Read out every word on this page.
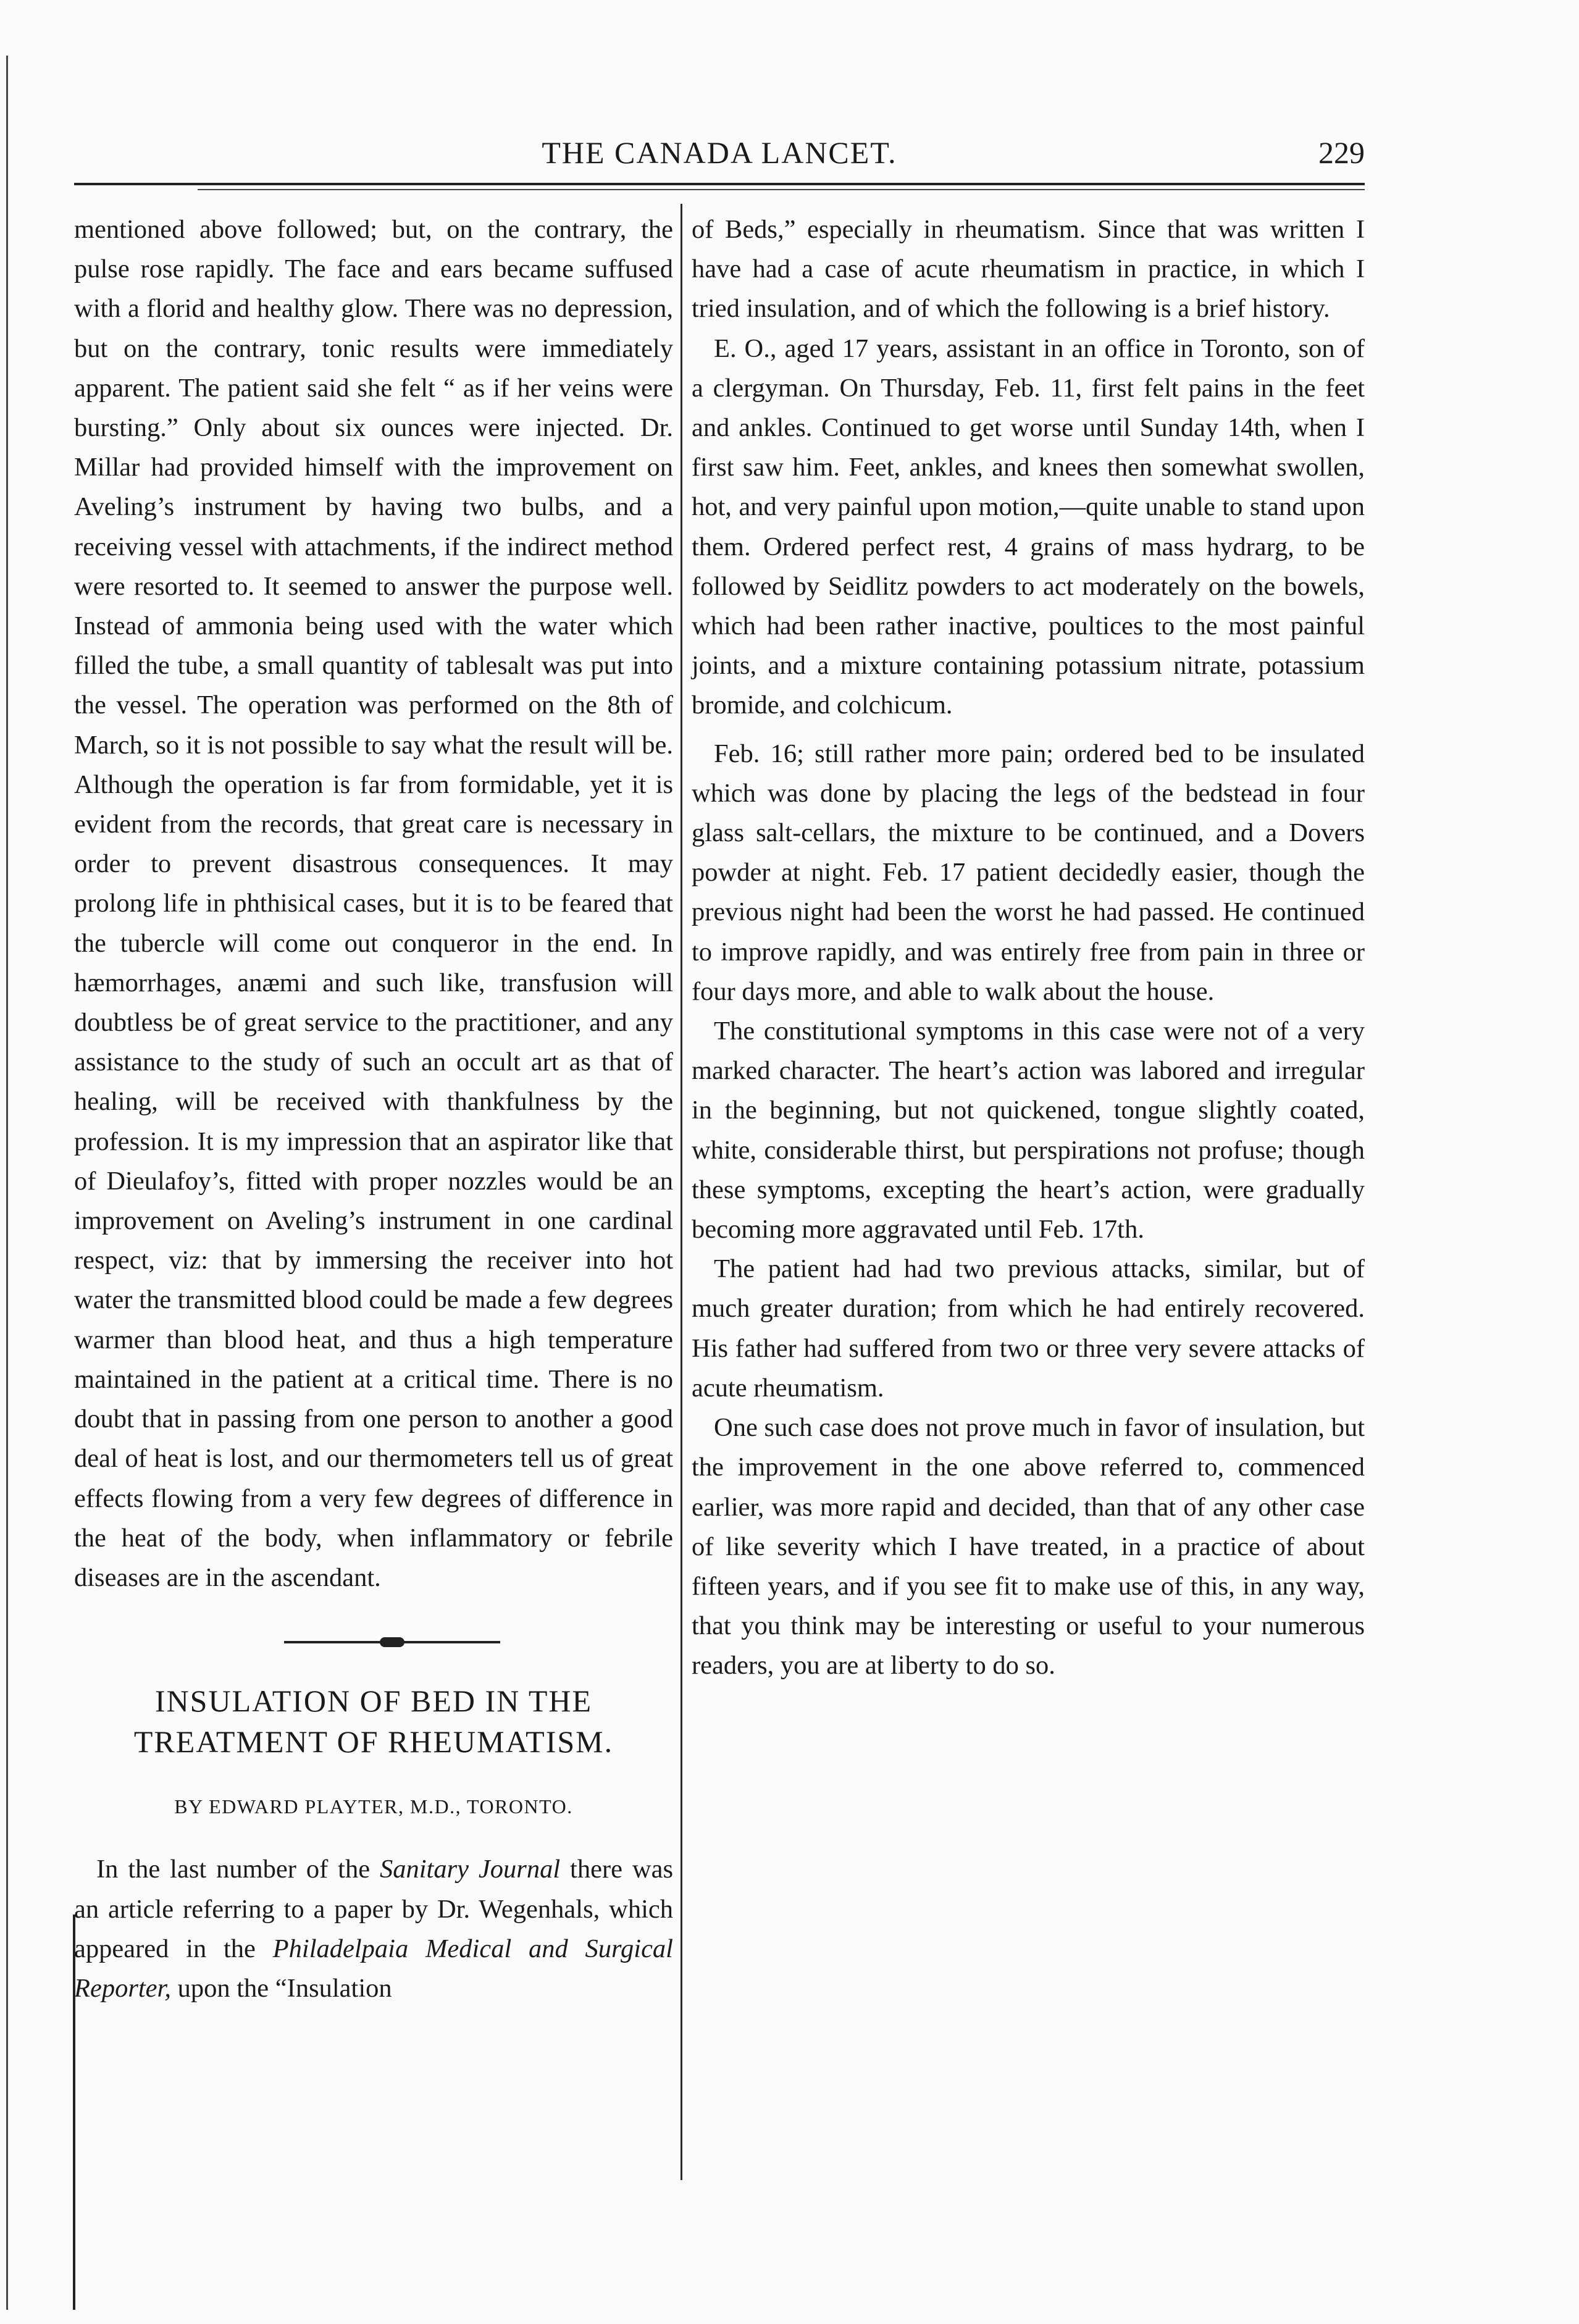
THE CANADA LANCET.	229

mentioned above followed; but, on the contrary, the pulse rose rapidly. The face and ears became suffused with a florid and healthy glow. There was no depression, but on the contrary, tonic results were immediately apparent. The patient said she felt “ as if her veins were bursting.” Only about six ounces were injected. Dr. Millar had provided himself with the improvement on Aveling’s instrument by having two bulbs, and a receiving vessel with attachments, if the indirect method were resorted to. It seemed to answer the purpose well. Instead of ammonia being used with the water which filled the tube, a small quantity of tablesalt was put into the vessel. The operation was performed on the 8th of March, so it is not possible to say what the result will be. Although the operation is far from formidable, yet it is evident from the records, that great care is necessary in order to prevent disastrous consequences. It may prolong life in phthisical cases, but it is to be feared that the tubercle will come out conqueror in the end. In hæmorrhages, anæmi and such like, transfusion will doubtless be of great service to the practitioner, and any assistance to the study of such an occult art as that of healing, will be received with thankfulness by the profession. It is my impression that an aspirator like that of Dieulafoy’s, fitted with proper nozzles would be an improvement on Aveling’s instrument in one cardinal respect, viz: that by immersing the receiver into hot water the transmitted blood could be made a few degrees warmer than blood heat, and thus a high temperature maintained in the patient at a critical time. There is no doubt that in passing from one person to another a good deal of heat is lost, and our thermometers tell us of great effects flowing from a very few degrees of difference in the heat of the body, when inflammatory or febrile diseases are in the ascendant.

INSULATION OF BED IN THE TREATMENT OF RHEUMATISM.

BY EDWARD PLAYTER, M.D., TORONTO.

In the last number of the Sanitary Journal there was an article referring to a paper by Dr. Wegenhals, which appeared in the Philadelpaia Medical and Surgical Reporter, upon the “Insulation

of Beds,” especially in rheumatism. Since that was written I have had a case of acute rheumatism in practice, in which I tried insulation, and of which the following is a brief history.

E. O., aged 17 years, assistant in an office in Toronto, son of a clergyman. On Thursday, Feb. 11, first felt pains in the feet and ankles. Continued to get worse until Sunday 14th, when I first saw him. Feet, ankles, and knees then somewhat swollen, hot, and very painful upon motion,—quite unable to stand upon them. Ordered perfect rest, 4 grains of mass hydrarg, to be followed by Seidlitz powders to act moderately on the bowels, which had been rather inactive, poultices to the most painful joints, and a mixture containing potassium nitrate, potassium bromide, and colchicum.

Feb. 16; still rather more pain; ordered bed to be insulated which was done by placing the legs of the bedstead in four glass salt-cellars, the mixture to be continued, and a Dovers powder at night. Feb. 17 patient decidedly easier, though the previous night had been the worst he had passed. He continued to improve rapidly, and was entirely free from pain in three or four days more, and able to walk about the house.

The constitutional symptoms in this case were not of a very marked character. The heart’s action was labored and irregular in the beginning, but not quickened, tongue slightly coated, white, considerable thirst, but perspirations not profuse; though these symptoms, excepting the heart’s action, were gradually becoming more aggravated until Feb. 17th.

The patient had had two previous attacks, similar, but of much greater duration; from which he had entirely recovered. His father had suffered from two or three very severe attacks of acute rheumatism.

One such case does not prove much in favor of insulation, but the improvement in the one above referred to, commenced earlier, was more rapid and decided, than that of any other case of like severity which I have treated, in a practice of about fifteen years, and if you see fit to make use of this, in any way, that you think may be interesting or useful to your numerous readers, you are at liberty to do so.
